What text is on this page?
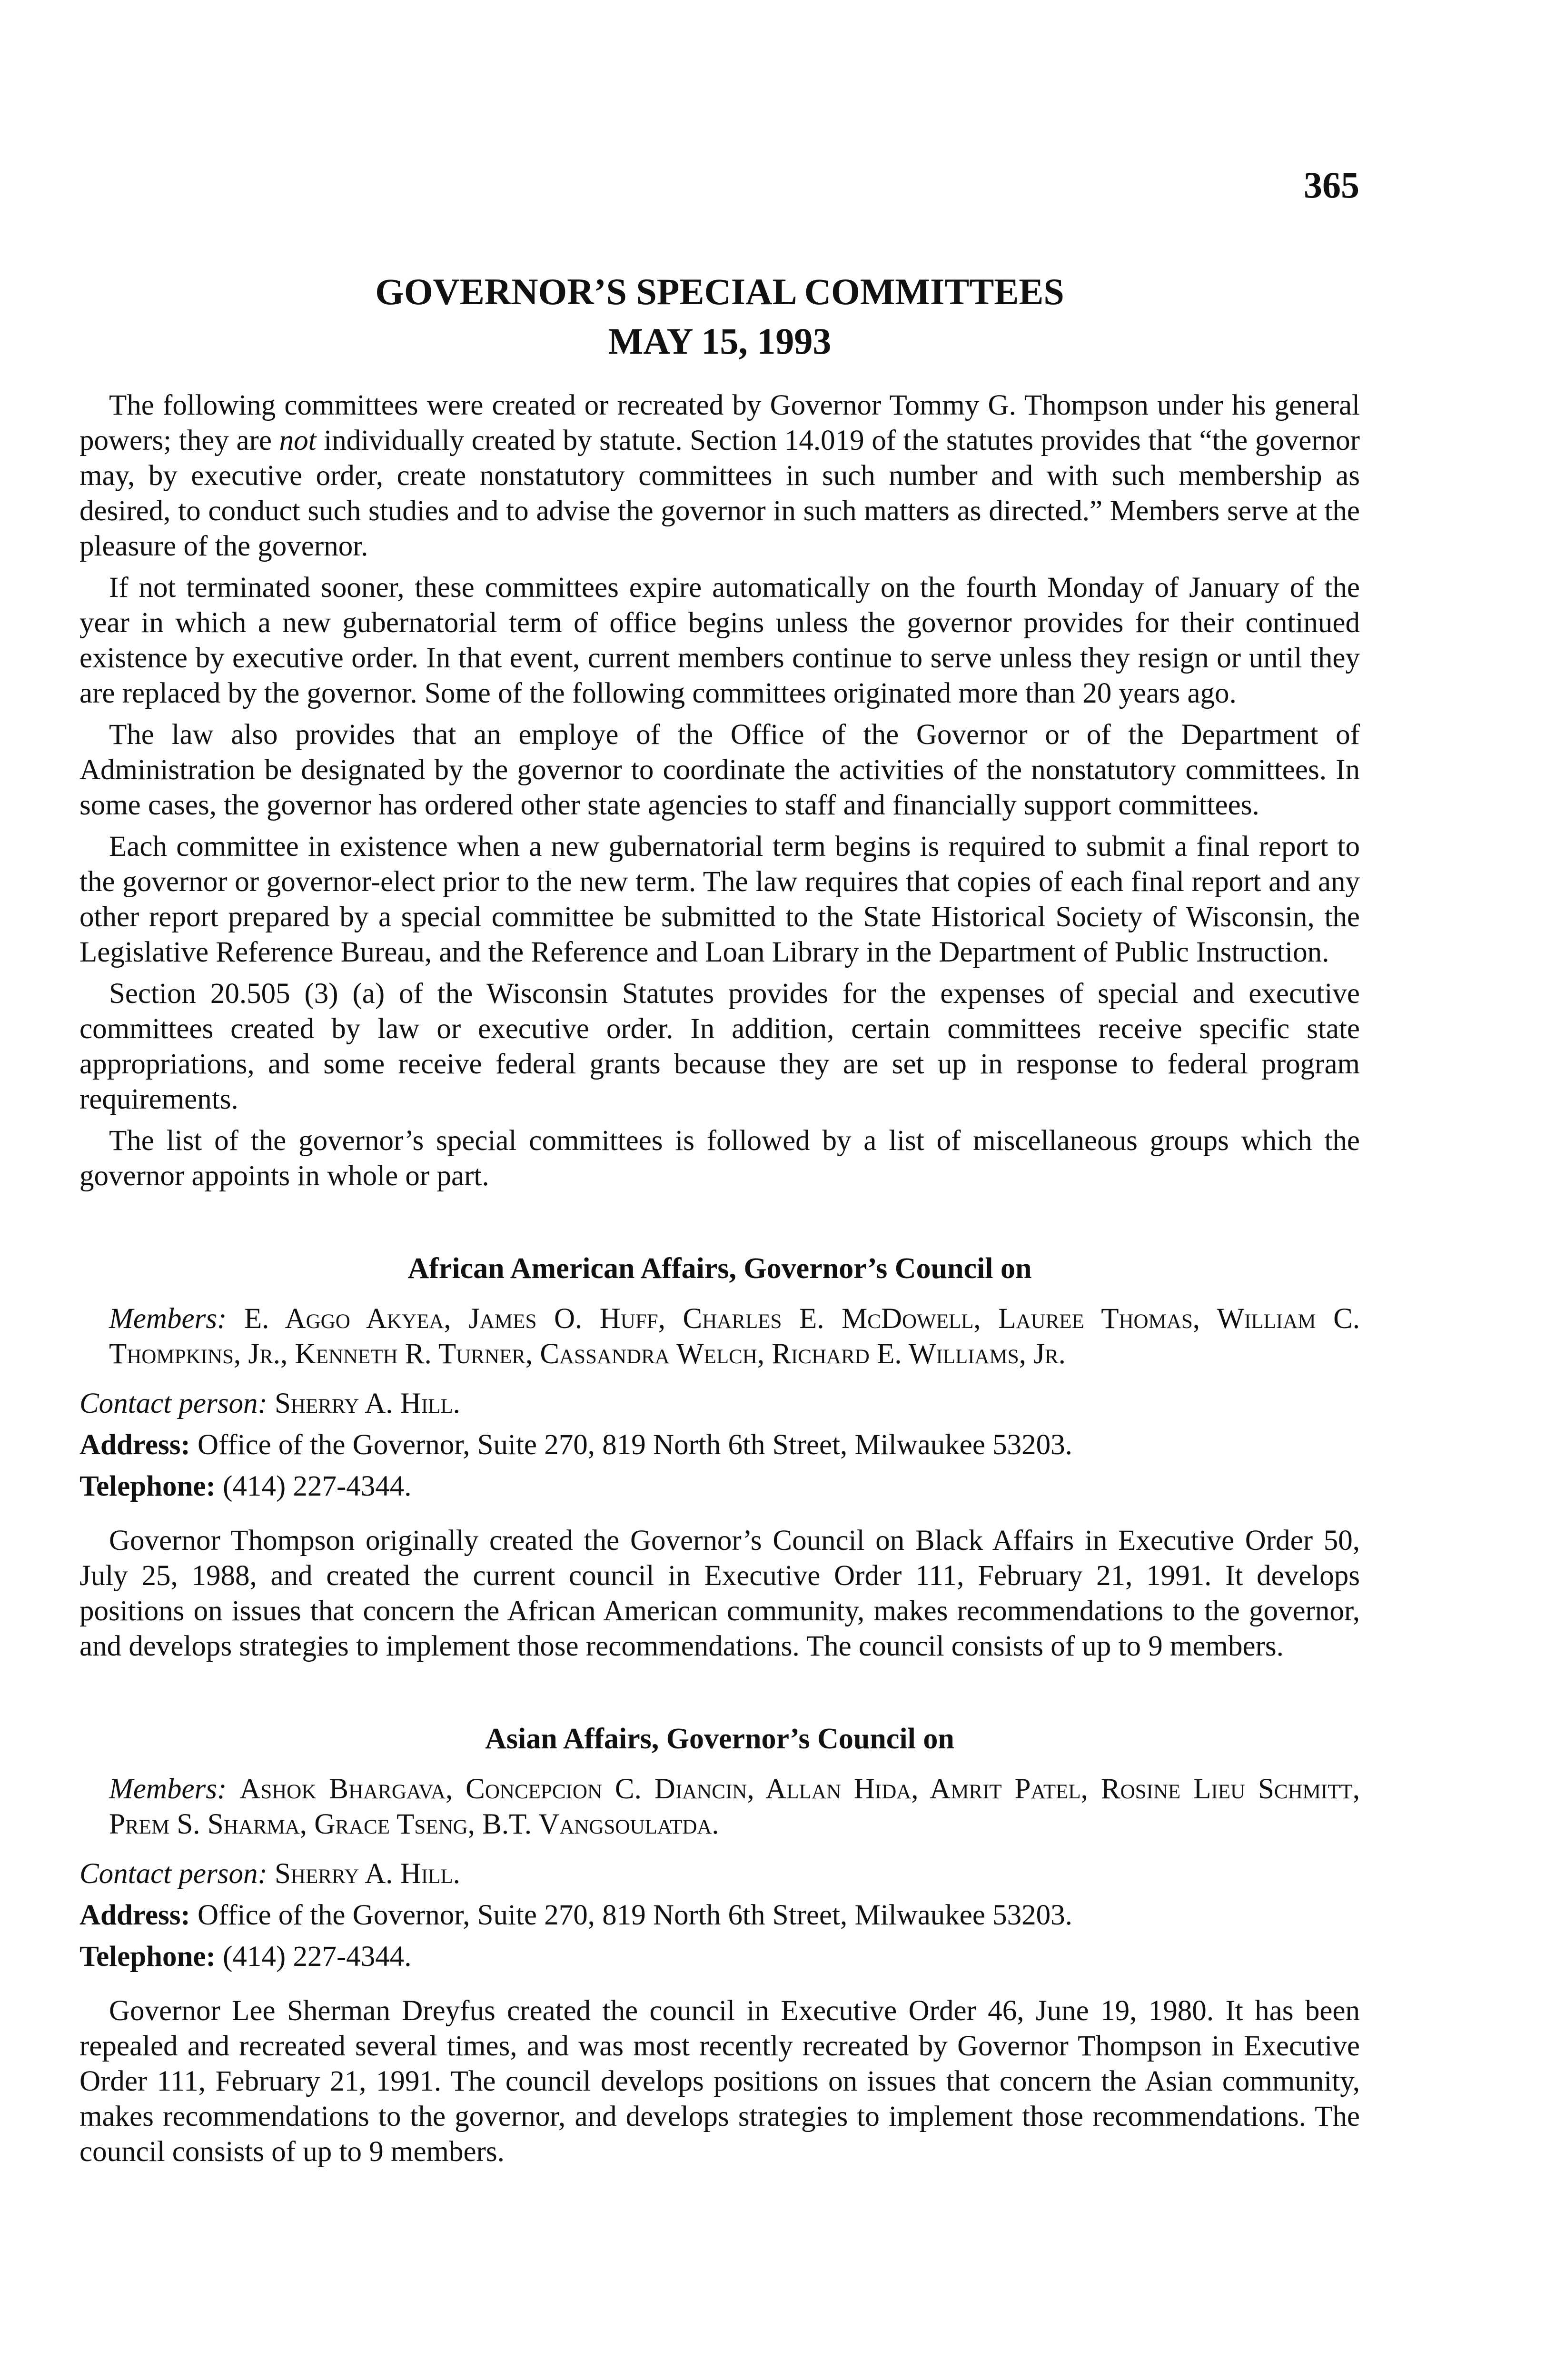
365
GOVERNOR’S SPECIAL COMMITTEES
MAY 15, 1993

The following committees were created or recreated by Governor Tommy G. Thompson under his general powers; they are not individually created by statute. Section 14.019 of the statutes provides that “the governor may, by executive order, create nonstatutory committees in such number and with such membership as desired, to conduct such studies and to advise the governor in such matters as directed.” Members serve at the pleasure of the governor.

If not terminated sooner, these committees expire automatically on the fourth Monday of January of the year in which a new gubernatorial term of office begins unless the governor provides for their continued existence by executive order. In that event, current members continue to serve unless they resign or until they are replaced by the governor. Some of the following committees originated more than 20 years ago.

The law also provides that an employe of the Office of the Governor or of the Department of Administration be designated by the governor to coordinate the activities of the nonstatutory committees. In some cases, the governor has ordered other state agencies to staff and financially support committees.

Each committee in existence when a new gubernatorial term begins is required to submit a final report to the governor or governor-elect prior to the new term. The law requires that copies of each final report and any other report prepared by a special committee be submitted to the State Historical Society of Wisconsin, the Legislative Reference Bureau, and the Reference and Loan Library in the Department of Public Instruction.

Section 20.505 (3) (a) of the Wisconsin Statutes provides for the expenses of special and executive committees created by law or executive order. In addition, certain committees receive specific state appropriations, and some receive federal grants because they are set up in response to federal program requirements.

The list of the governor’s special committees is followed by a list of miscellaneous groups which the governor appoints in whole or part.

African American Affairs, Governor’s Council on

Members: E. Aggo Akyea, James O. Huff, Charles E. McDowell, Lauree Thomas, William C. Thompkins, Jr., Kenneth R. Turner, Cassandra Welch, Richard E. Williams, Jr.

Contact person: Sherry A. Hill.

Address: Office of the Governor, Suite 270, 819 North 6th Street, Milwaukee 53203.

Telephone: (414) 227-4344.

Governor Thompson originally created the Governor’s Council on Black Affairs in Executive Order 50, July 25, 1988, and created the current council in Executive Order 111, February 21, 1991. It develops positions on issues that concern the African American community, makes recommendations to the governor, and develops strategies to implement those recommendations. The council consists of up to 9 members.

Asian Affairs, Governor’s Council on

Members: Ashok Bhargava, Concepcion C. Diancin, Allan Hida, Amrit Patel, Rosine Lieu Schmitt, Prem S. Sharma, Grace Tseng, B.T. Vangsoulatda.

Contact person: Sherry A. Hill.

Address: Office of the Governor, Suite 270, 819 North 6th Street, Milwaukee 53203.

Telephone: (414) 227-4344.

Governor Lee Sherman Dreyfus created the council in Executive Order 46, June 19, 1980. It has been repealed and recreated several times, and was most recently recreated by Governor Thompson in Executive Order 111, February 21, 1991. The council develops positions on issues that concern the Asian community, makes recommendations to the governor, and develops strategies to implement those recommendations. The council consists of up to 9 members.
